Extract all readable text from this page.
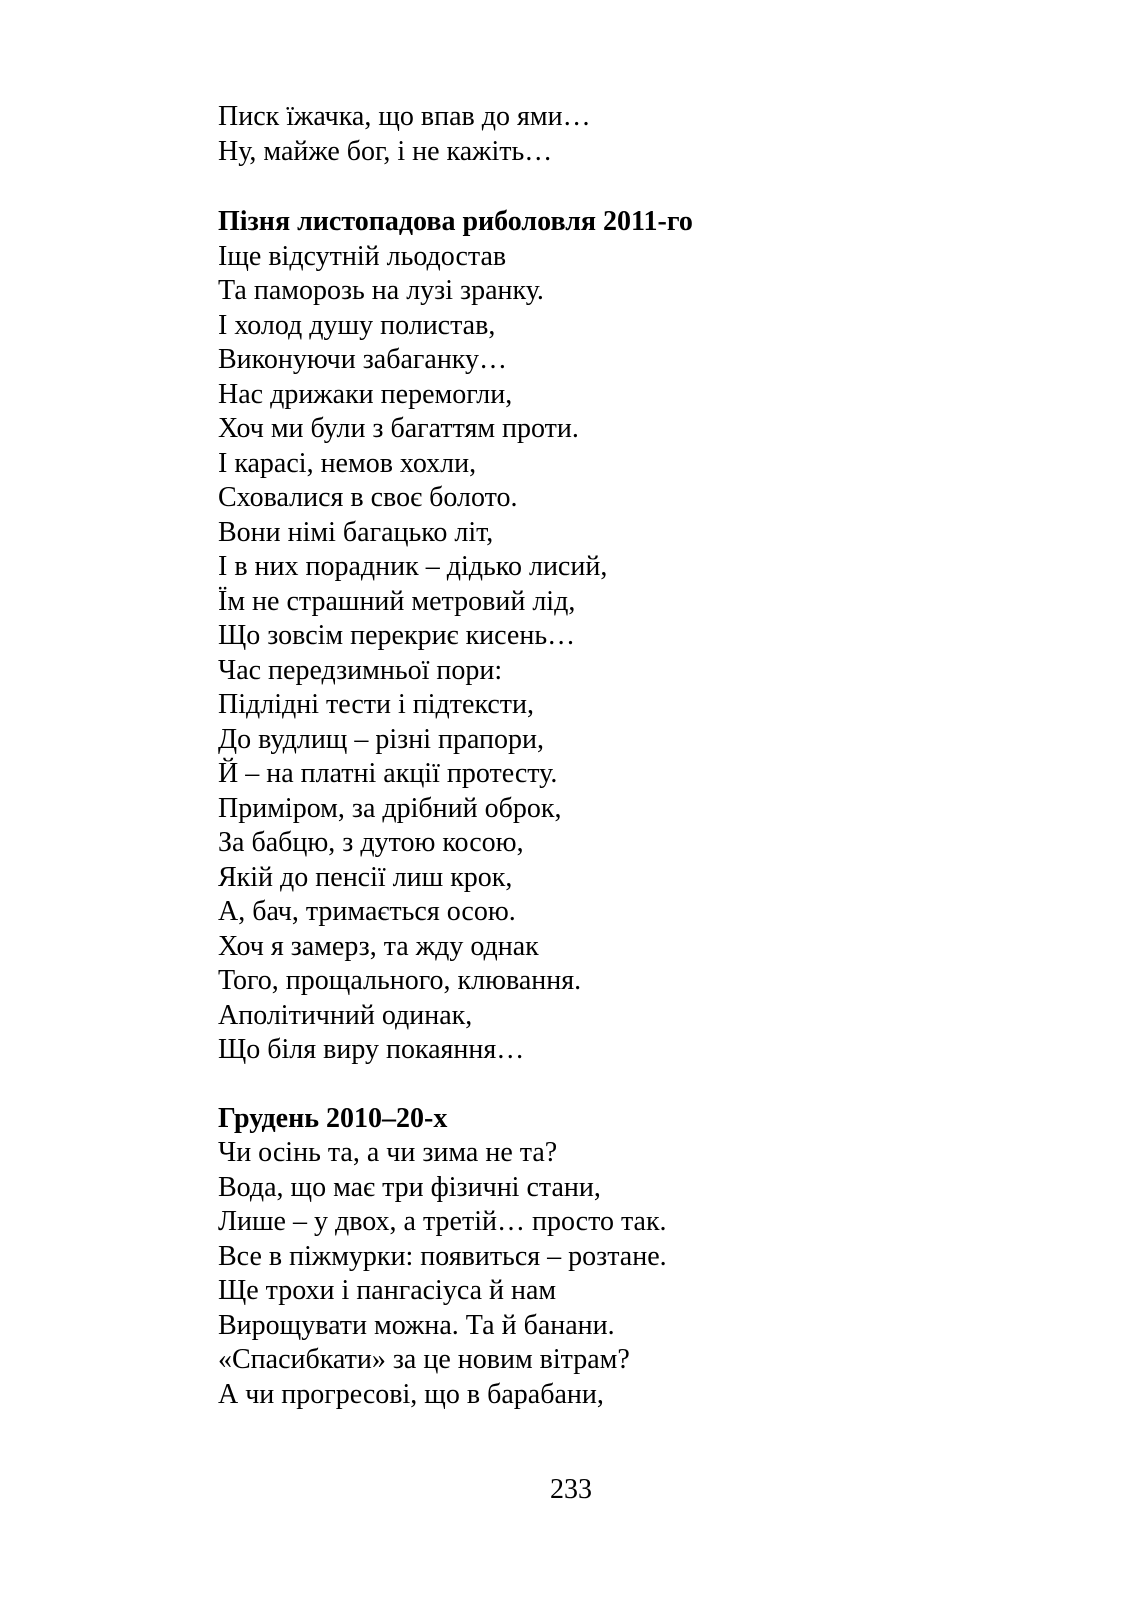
Писк їжачка, що впав до ями…
Ну, майже бог, і не кажіть…
Пізня листопадова риболовля 2011-го
Іще відсутній льодостав
Та паморозь на лузі зранку.
І холод душу полистав,
Виконуючи забаганку…
Нас дрижаки перемогли,
Хоч ми були з багаттям проти.
І карасі, немов хохли,
Сховалися в своє болото.
Вони німі багацько літ,
І в них порадник – дідько лисий,
Їм не страшний метровий лід,
Що зовсім перекриє кисень…
Час передзимньої пори:
Підлідні тести і підтексти,
До вудлищ – різні прапори,
Й – на платні акції протесту.
Приміром, за дрібний оброк,
За бабцю, з дутою косою,
Якій до пенсії лиш крок,
А, бач, тримається осою.
Хоч я замерз, та жду однак
Того, прощального, клювання.
Аполітичний одинак,
Що біля виру покаяння…
Грудень 2010–20-х
Чи осінь та, а чи зима не та?
Вода, що має три фізичні стани,
Лише – у двох, а третій… просто так.
Все в піжмурки: появиться – розтане.
Ще трохи і пангасіуса й нам
Вирощувати можна. Та й банани.
«Спасибкати» за це новим вітрам?
А чи прогресові, що в барабани,
233
